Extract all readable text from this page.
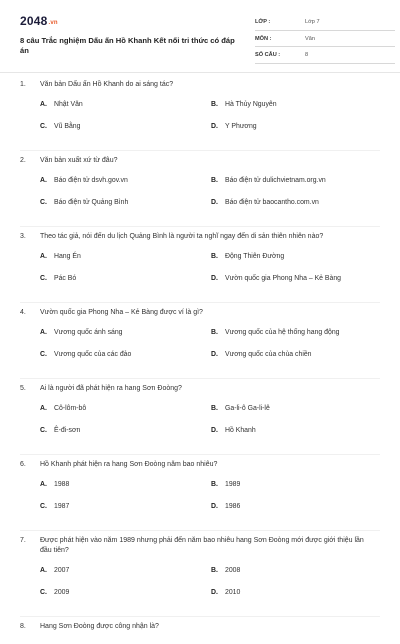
2048.vn
8 câu Trắc nghiệm Dấu ấn Hồ Khanh Kết nối tri thức có đáp án
LỚP :	Lớp 7
MÔN :	Văn
SỐ CÂU :	8
1.	Văn bản Dấu ấn Hồ Khanh do ai sáng tác?
A.	Nhật Văn	B.	Hà Thủy Nguyên
C.	Vũ Bằng	D.	Y Phương
2.	Văn bản xuất xứ từ đâu?
A.	Báo điện tử dsvh.gov.vn	B.	Báo điện tử dulichvietnam.org.vn
C.	Báo điện tử Quảng Bình	D.	Báo điện tử baocantho.com.vn
3.	Theo tác giả, nói đến du lịch Quảng Bình là người ta nghĩ ngay đến di sản thiên nhiên nào?
A.	Hang Én	B.	Động Thiên Đường
C.	Pác Bó	D.	Vườn quốc gia Phong Nha – Kẻ Bàng
4.	Vườn quốc gia Phong Nha – Kẻ Bàng được ví là gì?
A.	Vương quốc ánh sáng	B.	Vương quốc của hệ thống hang động
C.	Vương quốc của các đảo	D.	Vương quốc của chùa chiền
5.	Ai là người đã phát hiện ra hang Sơn Đoòng?
A.	Cô-lôm-bô	B.	Ga-li-ô Ga-li-lê
C.	Ê-đi-sơn	D.	Hồ Khanh
6.	Hồ Khanh phát hiện ra hang Sơn Đoòng năm bao nhiêu?
A.	1988	B.	1989
C.	1987	D.	1986
7.	Được phát hiện vào năm 1989 nhưng phải đến năm bao nhiêu hang Sơn Đoòng mới được giới thiệu lần đầu tiên?
A.	2007	B.	2008
C.	2009	D.	2010
8.	Hang Sơn Đoòng được công nhận là?
